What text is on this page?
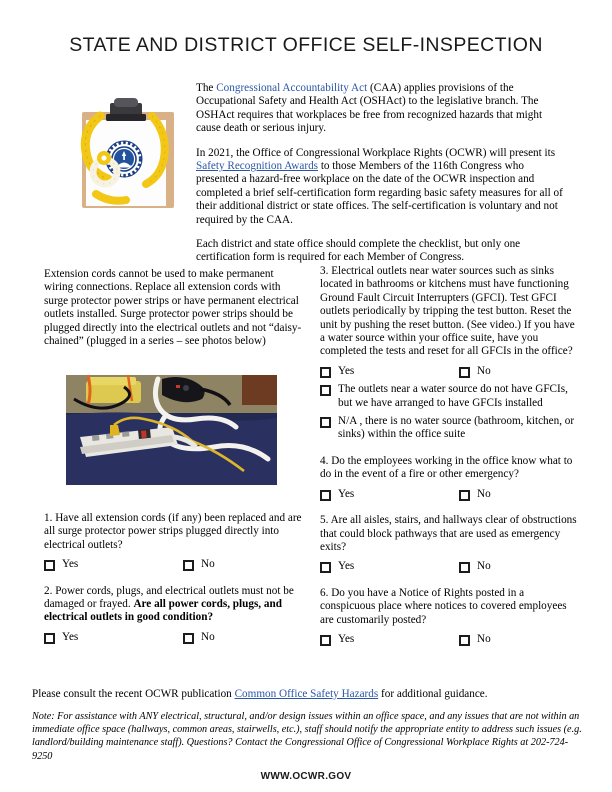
STATE AND DISTRICT OFFICE SELF-INSPECTION

The Congressional Accountability Act (CAA) applies provisions of the Occupational Safety and Health Act (OSHAct) to the legislative branch. The OSHAct requires that workplaces be free from recognized hazards that might cause death or serious injury.

In 2021, the Office of Congressional Workplace Rights (OCWR) will present its Safety Recognition Awards to those Members of the 116th Congress who presented a hazard-free workplace on the date of the OCWR inspection and completed a brief self-certification form regarding basic safety measures for all of their additional district or state offices. The self-certification is voluntary and not required by the CAA.

Each district and state office should complete the checklist, but only one certification form is required for each Member of Congress.

Extension cords cannot be used to make permanent wiring connections. Replace all extension cords with surge protector power strips or have permanent electrical outlets installed. Surge protector power strips should be plugged directly into the electrical outlets and not “daisy-chained” (plugged in a series – see photos below)

1. Have all extension cords (if any) been replaced and are all surge protector power strips plugged directly into electrical outlets?

Yes	No

2. Power cords, plugs, and electrical outlets must not be damaged or frayed. Are all power cords, plugs, and electrical outlets in good condition?

Yes	No

3. Electrical outlets near water sources such as sinks located in bathrooms or kitchens must have functioning Ground Fault Circuit Interrupters (GFCI). Test GFCI outlets periodically by tripping the test button. Reset the unit by pushing the reset button. (See video.) If you have a water source within your office suite, have you completed the tests and reset for all GFCIs in the office?

Yes	No
The outlets near a water source do not have GFCIs, but we have arranged to have GFCIs installed
N/A , there is no water source (bathroom, kitchen, or sinks) within the office suite

4. Do the employees working in the office know what to do in the event of a fire or other emergency?

Yes	No

5. Are all aisles, stairs, and hallways clear of obstructions that could block pathways that are used as emergency exits?

Yes	No

6. Do you have a Notice of Rights posted in a conspicuous place where notices to covered employees are customarily posted?

Yes	No
Please consult the recent OCWR publication Common Office Safety Hazards for additional guidance.
Note: For assistance with ANY electrical, structural, and/or design issues within an office space, and any issues that are not within an immediate office space (hallways, common areas, stairwells, etc.), staff should notify the appropriate entity to address such issues (e.g. landlord/building maintenance staff). Questions? Contact the Congressional Office of Congressional Workplace Rights at 202-724-9250
WWW.OCWR.GOV
